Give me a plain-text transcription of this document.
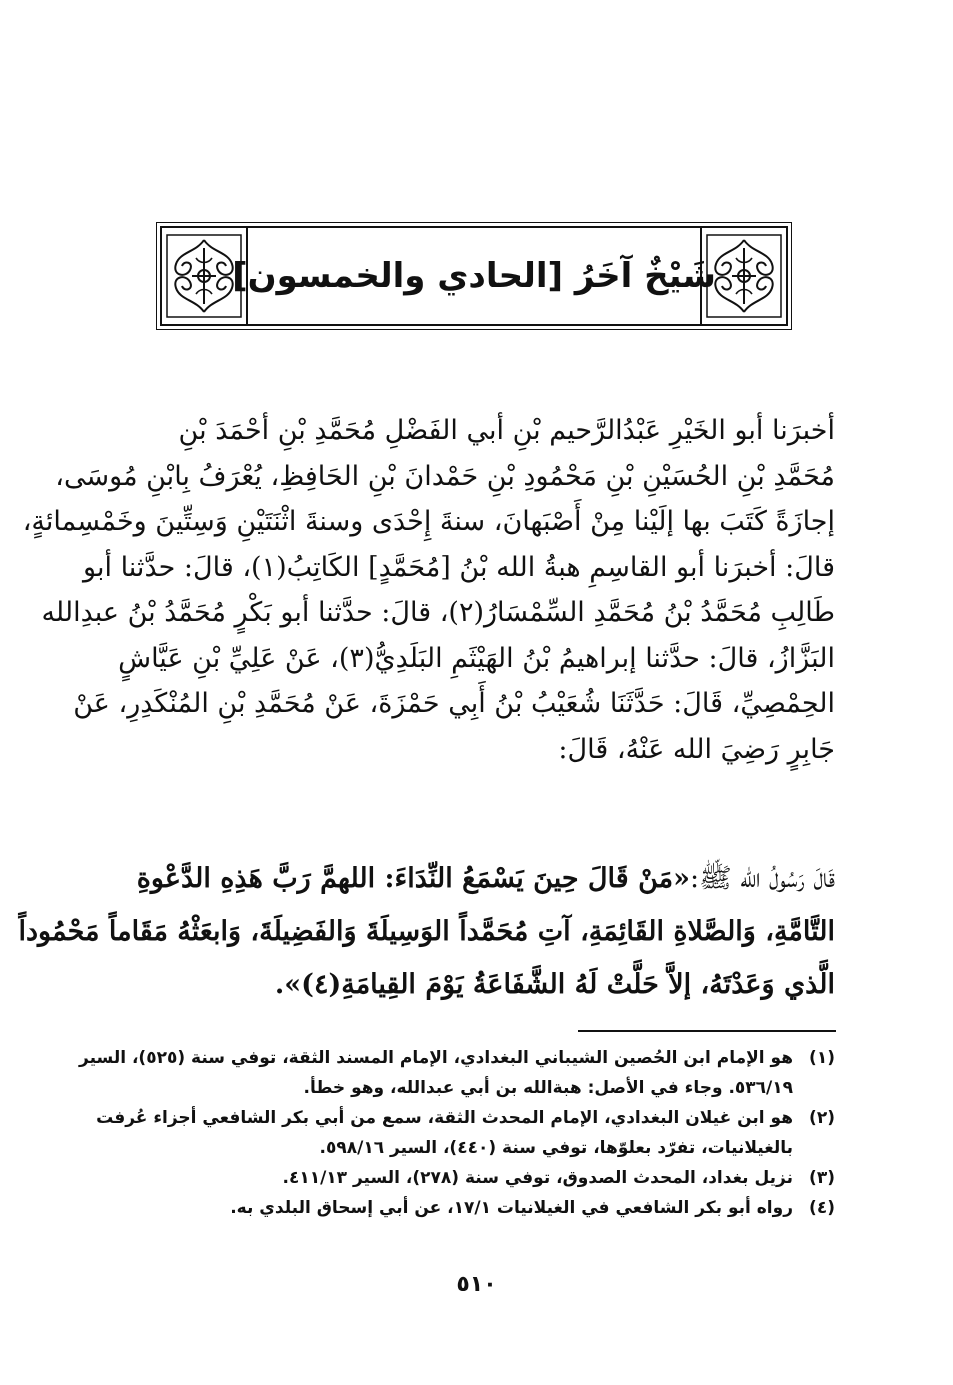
شَيْخٌ آخَرُ [الحادي والخمسون]
أخبرَنا أبو الخَيْرِ عَبْدُالرَّحيم بْنِ أبي الفَضْلِ مُحَمَّدِ بْنِ أحْمَدَ بْنِ
مُحَمَّدِ بْنِ الحُسَيْنِ بْنِ مَحْمُودِ بْنِ حَمْدانَ بْنِ الحَافِظِ، يُعْرَفُ بِابْنِ مُوسَى،
إجازَةً كَتَبَ بها إلَيْنا مِنْ أَصْبَهانَ، سنةَ إِحْدَى وسنةَ اثْنَتَيْنِ وَسِتِّينَ وخَمْسِمائةٍ،
قالَ: أخبرَنا أبو القاسِمِ هبةُ الله بْنُ [مُحَمَّدٍ] الكَاتِبُ(١)، قالَ: حدَّثنا أبو
طَالِبِ مُحَمَّدُ بْنُ مُحَمَّدِ السِّمْسَارُ(٢)، قالَ: حدَّثنا أبو بَكْرٍ مُحَمَّدُ بْنُ عبدِالله
البَزَّازُ، قالَ: حدَّثنا إبراهيمُ بْنُ الهَيْثَمِ البَلَدِيُّ(٣)، عَنْ عَلِيِّ بْنِ عَيَّاشٍ
الحِمْصِيِّ، قَالَ: حَدَّثَنَا شُعَيْبُ بْنُ أَبِي حَمْزَةَ، عَنْ مُحَمَّدِ بْنِ المُنْكَدِرِ، عَنْ
جَابِرٍ رَضِيَ الله عَنْهُ، قَالَ:
قَالَ رَسُولُ الله ﷺ:«مَنْ قَالَ حِينَ يَسْمَعُ النِّدَاءَ: اللهمَّ رَبَّ هَذِهِ الدَّعْوةِ
التَّامَّةِ، وَالصَّلاةِ القَائِمَةِ، آتِ مُحَمَّداً الوَسِيلَةَ وَالفَضِيلَةَ، وَابعَثْهُ مَقَاماً مَحْمُوداً
الَّذي وَعَدْتَهُ، إلاَّ حَلَّتْ لَهُ الشَّفَاعَةُ يَوْمَ القِيامَةِ(٤)».
(١)
هو الإمام ابن الحُصين الشيباني البغدادي، الإمام المسند الثقة، توفي سنة (٥٢٥)، السير
٥٣٦/١٩. وجاء في الأصل: هبةالله بن أبي عبدالله، وهو خطأ.
(٢)
هو ابن غيلان البغدادي، الإمام المحدث الثقة، سمع من أبي بكر الشافعي أجزاء عُرفت
بالغيلانيات، تفرّد بعلوّها، توفي سنة (٤٤٠)، السير ٥٩٨/١٦.
(٣)
نزيل بغداد، المحدث الصدوق، توفي سنة (٢٧٨)، السير ٤١١/١٣.
(٤)
رواه أبو بكر الشافعي في الغيلانيات ١٧/١، عن أبي إسحاق البلدي به.
٥١٠
